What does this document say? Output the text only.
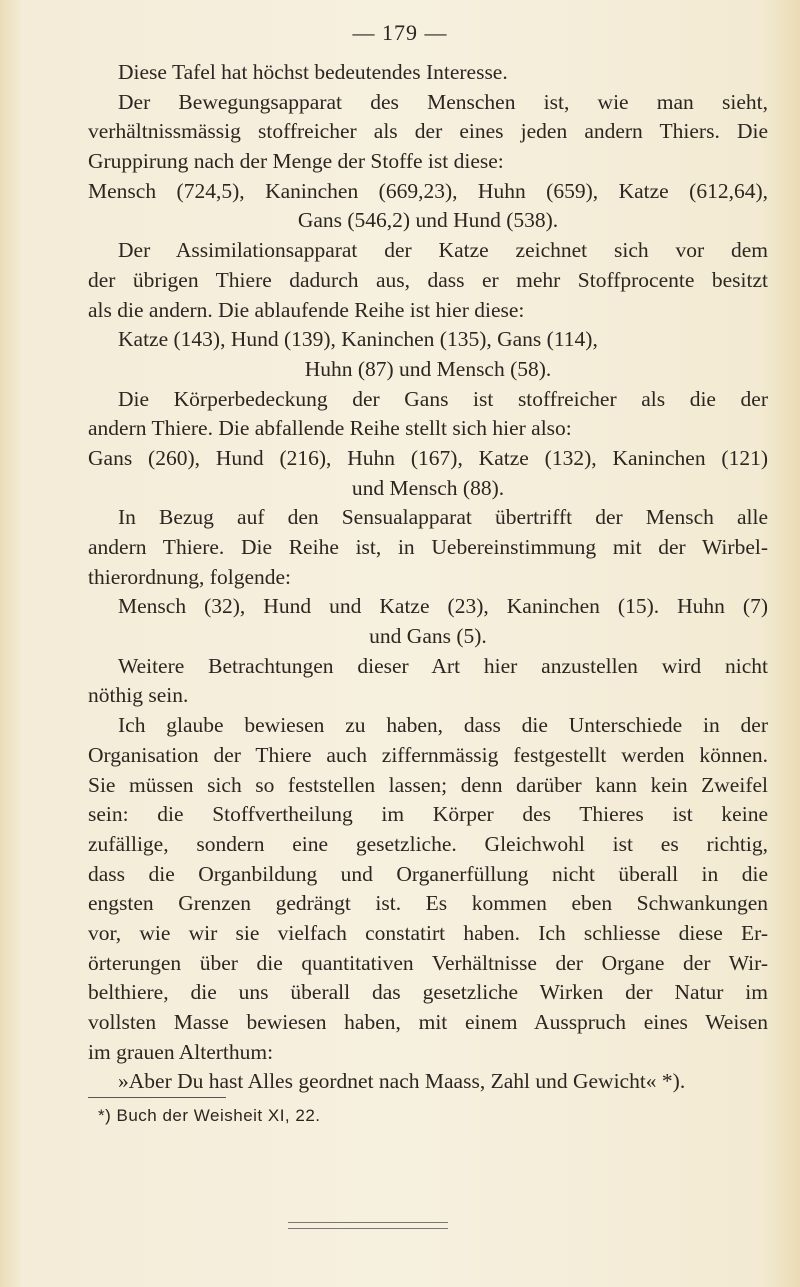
— 179 —
Diese Tafel hat höchst bedeutendes Interesse.
Der Bewegungsapparat des Menschen ist, wie man sieht,
verhältnissmässig stoffreicher als der eines jeden andern Thiers. Die
Gruppirung nach der Menge der Stoffe ist diese:
Mensch (724,5), Kaninchen (669,23), Huhn (659), Katze (612,64),
Gans (546,2) und Hund (538).
Der Assimilationsapparat der Katze zeichnet sich vor dem
der übrigen Thiere dadurch aus, dass er mehr Stoffprocente besitzt
als die andern. Die ablaufende Reihe ist hier diese:
Katze (143), Hund (139), Kaninchen (135), Gans (114),
Huhn (87) und Mensch (58).
Die Körperbedeckung der Gans ist stoffreicher als die der
andern Thiere. Die abfallende Reihe stellt sich hier also:
Gans (260), Hund (216), Huhn (167), Katze (132), Kaninchen (121)
und Mensch (88).
In Bezug auf den Sensualapparat übertrifft der Mensch alle
andern Thiere. Die Reihe ist, in Uebereinstimmung mit der Wirbel-
thierordnung, folgende:
Mensch (32), Hund und Katze (23), Kaninchen (15). Huhn (7)
und Gans (5).
Weitere Betrachtungen dieser Art hier anzustellen wird nicht
nöthig sein.
Ich glaube bewiesen zu haben, dass die Unterschiede in der
Organisation der Thiere auch ziffernmässig festgestellt werden können.
Sie müssen sich so feststellen lassen; denn darüber kann kein Zweifel
sein: die Stoffvertheilung im Körper des Thieres ist keine
zufällige, sondern eine gesetzliche. Gleichwohl ist es richtig,
dass die Organbildung und Organerfüllung nicht überall in die
engsten Grenzen gedrängt ist. Es kommen eben Schwankungen
vor, wie wir sie vielfach constatirt haben. Ich schliesse diese Er-
örterungen über die quantitativen Verhältnisse der Organe der Wir-
belthiere, die uns überall das gesetzliche Wirken der Natur im
vollsten Masse bewiesen haben, mit einem Ausspruch eines Weisen
im grauen Alterthum:
»Aber Du hast Alles geordnet nach Maass, Zahl und Gewicht« *).
*) Buch der Weisheit XI, 22.
